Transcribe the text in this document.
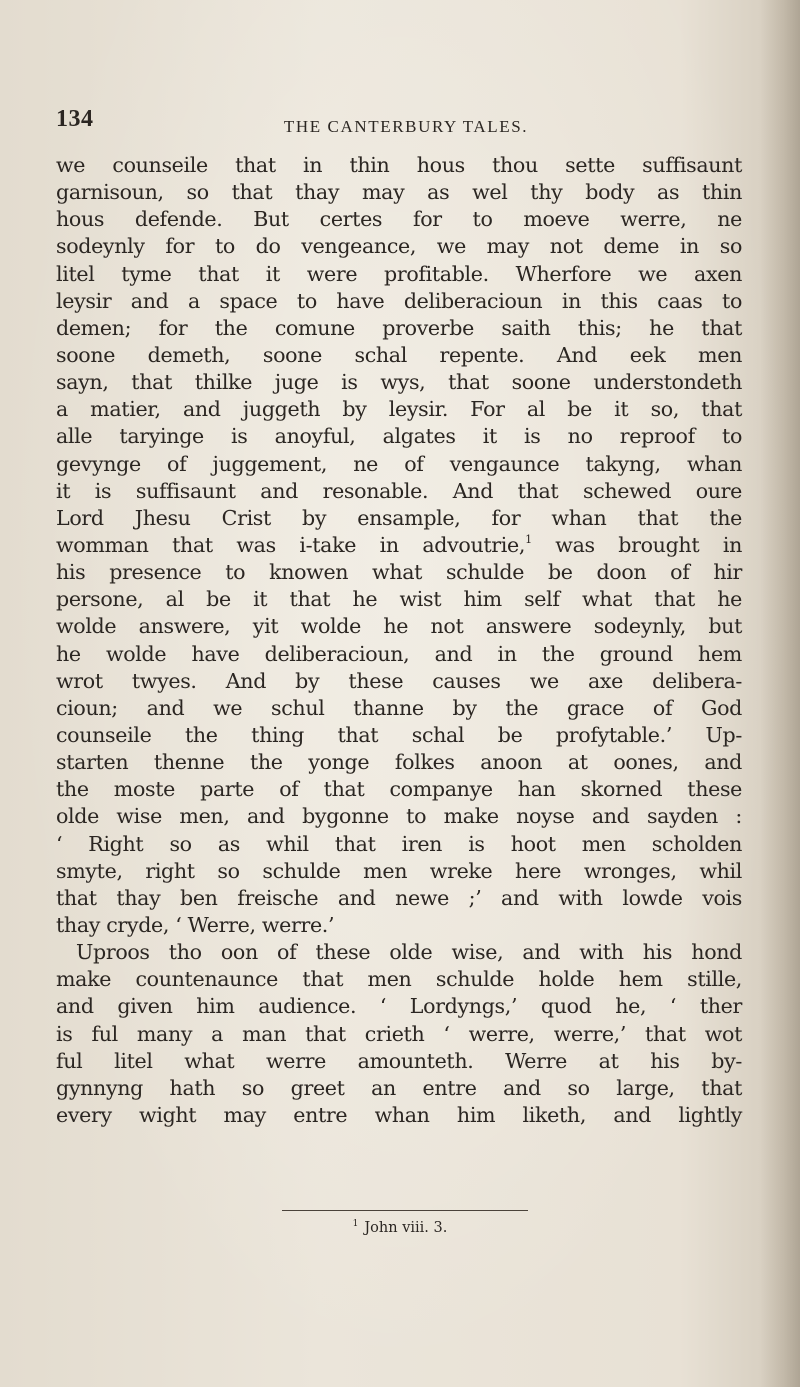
134	THE CANTERBURY TALES.
we counseile that in thin hous thou sette suffisaunt
garnisoun, so that thay may as wel thy body as thin
hous defende. But certes for to moeve werre, ne
sodeynly for to do vengeance, we may not deme in so
litel tyme that it were profitable. Wherfore we axen
leysir and a space to have deliberacioun in this caas to
demen; for the comune proverbe saith this; he that
soone demeth, soone schal repente. And eek men
sayn, that thilke juge is wys, that soone understondeth
a matier, and juggeth by leysir. For al be it so, that
alle taryinge is anoyful, algates it is no reproof to
gevynge of juggement, ne of vengaunce takyng, whan
it is suffisaunt and resonable. And that schewed oure
Lord Jhesu Crist by ensample, for whan that the
womman that was i-take in advoutrie,$^1$ was brought in
his presence to knowen what schulde be doon of hir
persone, al be it that he wist him self what that he
wolde answere, yit wolde he not answere sodeynly, but
he wolde have deliberacioun, and in the ground hem
wrot twyes. And by these causes we axe delibera-
cioun; and we schul thanne by the grace of God
counseile the thing that schal be profytable.’ Up-
starten thenne the yonge folkes anoon at oones, and
the moste parte of that companye han skorned these
olde wise men, and bygonne to make noyse and sayden :
‘ Right so as whil that iren is hoot men scholden
smyte, right so schulde men wreke here wronges, whil
that thay ben freische and newe ;’ and with lowde vois
thay cryde, ‘ Werre, werre.’
Uproos tho oon of these olde wise, and with his hond
make countenaunce that men schulde holde hem stille,
and given him audience. ‘ Lordyngs,’ quod he, ‘ ther
is ful many a man that crieth ‘ werre, werre,’ that wot
ful litel what werre amounteth. Werre at his by-
gynnyng hath so greet an entre and so large, that
every wight may entre whan him liketh, and lightly
$^1$ John viii. 3.
